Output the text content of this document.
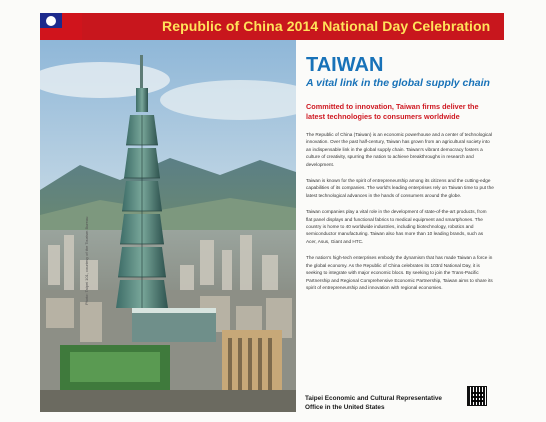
Republic of China 2014 National Day Celebration
Photo: Taipei 101, courtesy of the Tourism Bureau
TAIWAN

A vital link in the global supply chain

Committed to innovation, Taiwan firms deliver the latest technologies to consumers worldwide

The Republic of China (Taiwan) is an economic powerhouse and a center of technological innovation. Over the past half-century, Taiwan has grown from an agricultural society into an indispensable link in the global supply chain. Taiwan's vibrant democracy fosters a culture of creativity, spurring the nation to achieve breakthroughs in research and development.

Taiwan is known for the spirit of entrepreneurship among its citizens and the cutting-edge capabilities of its companies. The world's leading enterprises rely on Taiwan time to put the latest technological advances in the hands of consumers around the globe.

Taiwan companies play a vital role in the development of state-of-the-art products, from flat panel displays and functional fabrics to medical equipment and smartphones. The country is home to 40 worldwide industries, including biotechnology, robotics and semiconductor manufacturing. Taiwan also has more than 10 leading brands, such as Acer, Asus, Giant and HTC.

The nation's high-tech enterprises embody the dynamism that has made Taiwan a force in the global economy. As the Republic of China celebrates its 103rd National Day, it is seeking to integrate with major economic blocs. By seeking to join the Trans-Pacific Partnership and Regional Comprehensive Economic Partnership, Taiwan aims to share its spirit of entrepreneurship and innovation with regional economies.

Taipei Economic and Cultural Representative
Office in the United States
